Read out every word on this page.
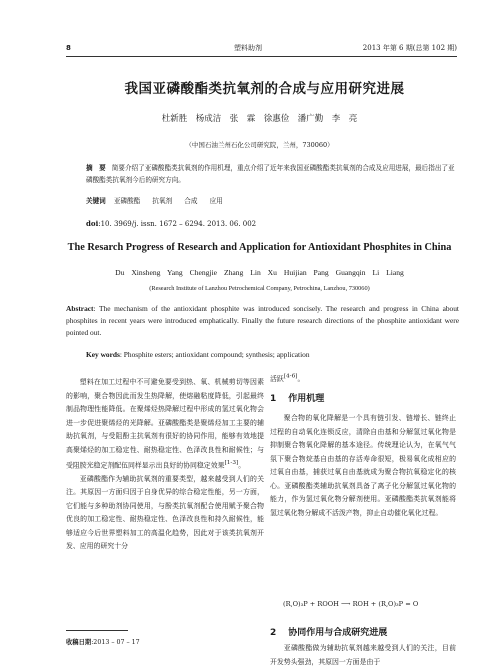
8	塑料助剂	2013 年第 6 期(总第 102 期)
我国亚磷酸酯类抗氧剂的合成与应用研究进展
杜新胜　杨成洁　张　霖　徐惠俭　潘广勤　李　亮
（中国石油兰州石化公司研究院，兰州，730060）
摘　要 简要介绍了亚磷酸酯类抗氧剂的作用机理，重点介绍了近年来我国亚磷酸酯类抗氧剂的合成及应用进展，最后指出了亚磷酸酯类抗氧剂今后的研究方向。
关键词 亚磷酸酯 抗氧剂 合成 应用
doi:10. 3969/j. issn. 1672 – 6294. 2013. 06. 002
The Resarch Progress of Research and Application for Antioxidant Phosphites in China
Du Xinsheng Yang Chengjie Zhang Lin Xu Huijian Pang Guangqin Li Liang
(Research Institute of Lanzhou Petrochemical Company, Petrochina, Lanzhou, 730060)
Abstract: The mechanism of the antioxidant phosphite was introduced soncisely. The research and progress in China about phosphites in recent years were introduced emphatically. Finally the future research directions of the phosphite antioxidant were pointed out.
Key words: Phosphite esters; antioxidant compound; synthesis; application

塑料在加工过程中不可避免要受到热、氧、机械剪切等因素的影响，聚合物因此而发生热降解，使熔融粘度降低，引起最终制品物理性能降低。在聚烯烃热降解过程中形成的氢过氧化物会进一步促进聚烯烃的光降解。亚磷酸酯类是聚烯烃加工主要的辅助抗氧剂，与受阻酚主抗氧剂有很好的协同作用，能够有效地提高聚烯烃的加工稳定性、耐热稳定性、色泽改良性和耐候性；与受阻胺光稳定剂配伍同样显示出良好的协同稳定效果[1-3]。

亚磷酸酯作为辅助抗氧剂的重要类型，越来越受到人们的关注。其原因一方面归因于自身优异的综合稳定性能，另一方面，它们能与多种助剂协同使用，与酚类抗氧剂配合使用赋予聚合物优良的加工稳定性、耐热稳定性、色泽改良性和持久耐候性，能够适应今后世界塑料加工的高温化趋势，因此对于该类抗氧剂开发、应用的研究十分

活跃[4-6]。
1 作用机理

聚合物的氧化降解是一个具有链引发、链增长、链终止过程的自动氧化连锁反应，清除自由基和分解氢过氧化物是抑制聚合物氧化降解的基本途径。传统理论认为，在氧气气氛下聚合物烷基自由基的存活寿命很短，极易氧化成相应的过氧自由基，捕获过氧自由基就成为聚合物抗氧稳定化的核心。亚磷酸酯类辅助抗氧剂具备了离子化分解氢过氧化物的能力，作为氢过氧化物分解剂使用。亚磷酸酯类抗氧剂能将氢过氧化物分解成不活泼产物，抑止自动催化氧化过程。

(R,O)₃P + ROOH ⟶ ROH + (R,O)₃P = O
2 协同作用与合成研究进展

亚磷酸酯做为辅助抗氧剂越来越受到人们的关注，目前开发势头强劲，其原因一方面是由于

收稿日期:2013 – 07 – 17
